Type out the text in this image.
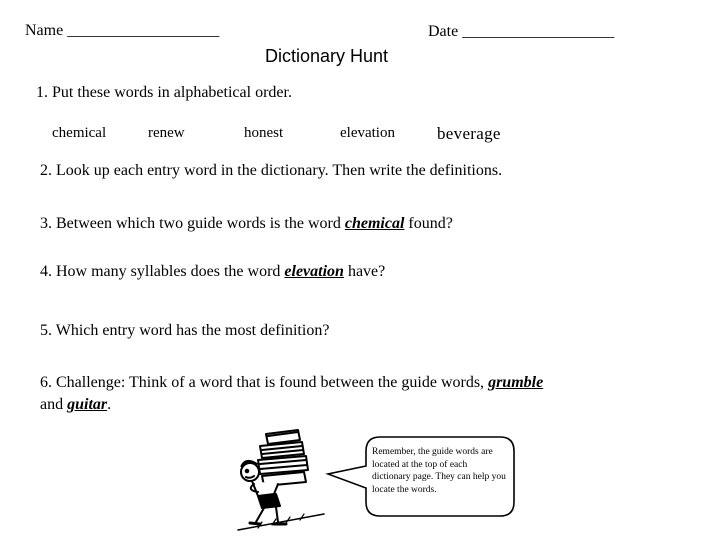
Name ___________________	Date ___________________
Dictionary Hunt
1. Put these words in alphabetical order.
chemical	renew	honest	elevation beverage
2. Look up each entry word in the dictionary. Then write the definitions.
3. Between which two guide words is the word chemical found?
4. How many syllables does the word elevation have?
5. Which entry word has the most definition?
6. Challenge: Think of a word that is found between the guide words, grumble
and guitar.
Remember, the guide words are located at the top of each dictionary page. They can help you locate the words.
